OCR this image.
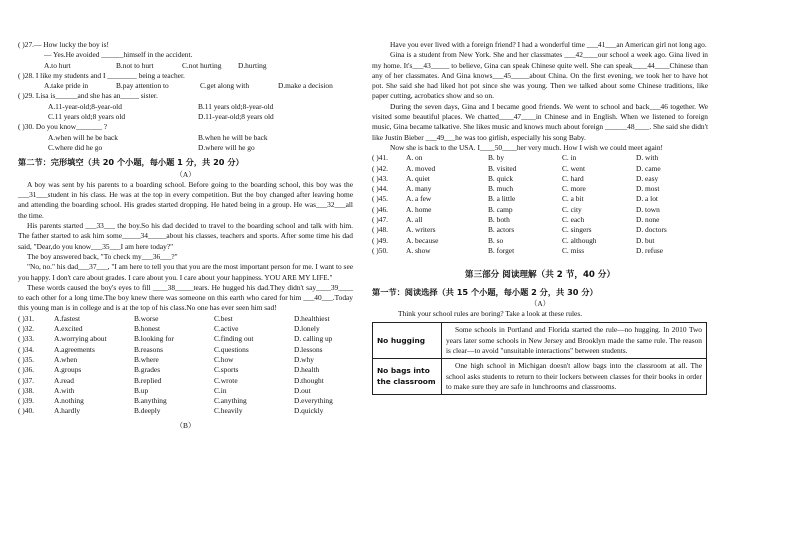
( )27.— How lucky the boy is!
— Yes.He avoided ______himself in the accident.
A.to hurt	B.not to hurt	C.not hurting	D.hurting
( )28. I like my students and I ________ being a teacher.
A.take pride in	B.pay attention to	C.get along with	D.make a decision
( )29. Lisa is______and she has an_____ sister.
A.11-year-old;8-year-old	B.11 years old;8-year-old
C.11 years old;8 years old	D.11-year-old;8 years old
( )30. Do you know_______ ?
A.when will he be back	B.when he will be back
C.where did he go	D.where will he go
第二节：完形填空（共 20 个小题，每小题 1 分，共 20 分）
（A）
A boy was sent by his parents to a boarding school. Before going to the boarding school, this boy was the ___31___student in his class. He was at the top in every competition. But the boy changed after leaving home and attending the boarding school. His grades started dropping. He hated being in a group. He was___32___all the time.
His parents started ___33___ the boy.So his dad decided to travel to the boarding school and talk with him. The father started to ask him some_____34_____about his classes, teachers and sports. After some time his dad said, "Dear,do you know___35___I am here today?"
The boy answered back, "To check my___36___?"
"No, no." his dad___37___, "I am here to tell you that you are the most important person for me. I want to see you happy. I don't care about grades. I care about you. I care about your happiness. YOU ARE MY LIFE."
These words caused the boy's eyes to fill ____38_____tears. He hugged his dad.They didn't say____39____ to each other for a long time.The boy knew there was someone on this earth who cared for him ___40___.Today this young man is in college and is at the top of his class.No one has ever seen him sad!
( )31.	A.fastest	B.worse	C.best	D.healthiest
( )32.	A.excited	B.honest	C.active	D.lonely
( )33.	A.worrying about	B.looking for	C.finding out	D. calling up
( )34.	A.agreements	B.reasons	C.questions	D.lessons
( )35.	A.when	B.where	C.how	D.why
( )36.	A.groups	B.grades	C.sports	D.health
( )37.	A.read	B.replied	C.wrote	D.thought
( )38.	A.with	B.up	C.in	D.out
( )39.	A.nothing	B.anything	C.anything	D.everything
( )40.	A.hardly	B.deeply	C.heavily	D.quickly
（B）
Have you ever lived with a foreign friend? I had a wonderful time ___41___an American girl not long ago.
Gina is a student from New York. She and her classmates ___42____our school a week ago. Gina lived in my home. It's___43_____ to believe, Gina can speak Chinese quite well. She can speak____44____Chinese than any of her classmates. And Gina knows___45_____about China. On the first evening, we took her to have hot pot. She said she had liked hot pot since she was young. Then we talked about some Chinese traditions, like paper cutting, acrobatics show and so on.
During the seven days, Gina and I became good friends. We went to school and back___46 together. We visited some beautiful places. We chatted____47____in Chinese and in English. When we listened to foreign music, Gina became talkative. She likes music and knows much about foreign ______48____. She said she didn't like Justin Bieber ___49___he was too girlish, especially his song Baby.
Now she is back to the USA. I____50____her very much. How I wish we could meet again!
( )41.	A. on	B. by	C. in	D. with
( )42.	A. moved	B. visited	C. went	D. came
( )43.	A. quiet	B. quick	C. hard	D. easy
( )44.	A. many	B. much	C. more	D. most
( )45.	A. a few	B. a little	C. a bit	D. a lot
( )46.	A. home	B. camp	C. city	D. town
( )47.	A. all	B. both	C. each	D. none
( )48.	A. writers	B. actors	C. singers	D. doctors
( )49.	A. because	B. so	C. although	D. but
( )50.	A. show	B. forget	C. miss	D. refuse
第三部分 阅读理解（共 2 节，40 分）
第一节：阅读选择（共 15 个小题，每小题 2 分，共 30 分）
（A）
Think your school rules are boring? Take a look at these rules.
No hugging	Some schools in Portland and Florida started the rule—no hugging. In 2010 Two years later some schools in New Jersey and Brooklyn made the same rule. The reason is clear—to avoid "unsuitable interactions" between students.
No bags into the classroom	One high school in Michigan doesn't allow bags into the classroom at all. The school asks students to return to their lockers between classes for their books in order to make sure they are safe in lunchrooms and classrooms.
